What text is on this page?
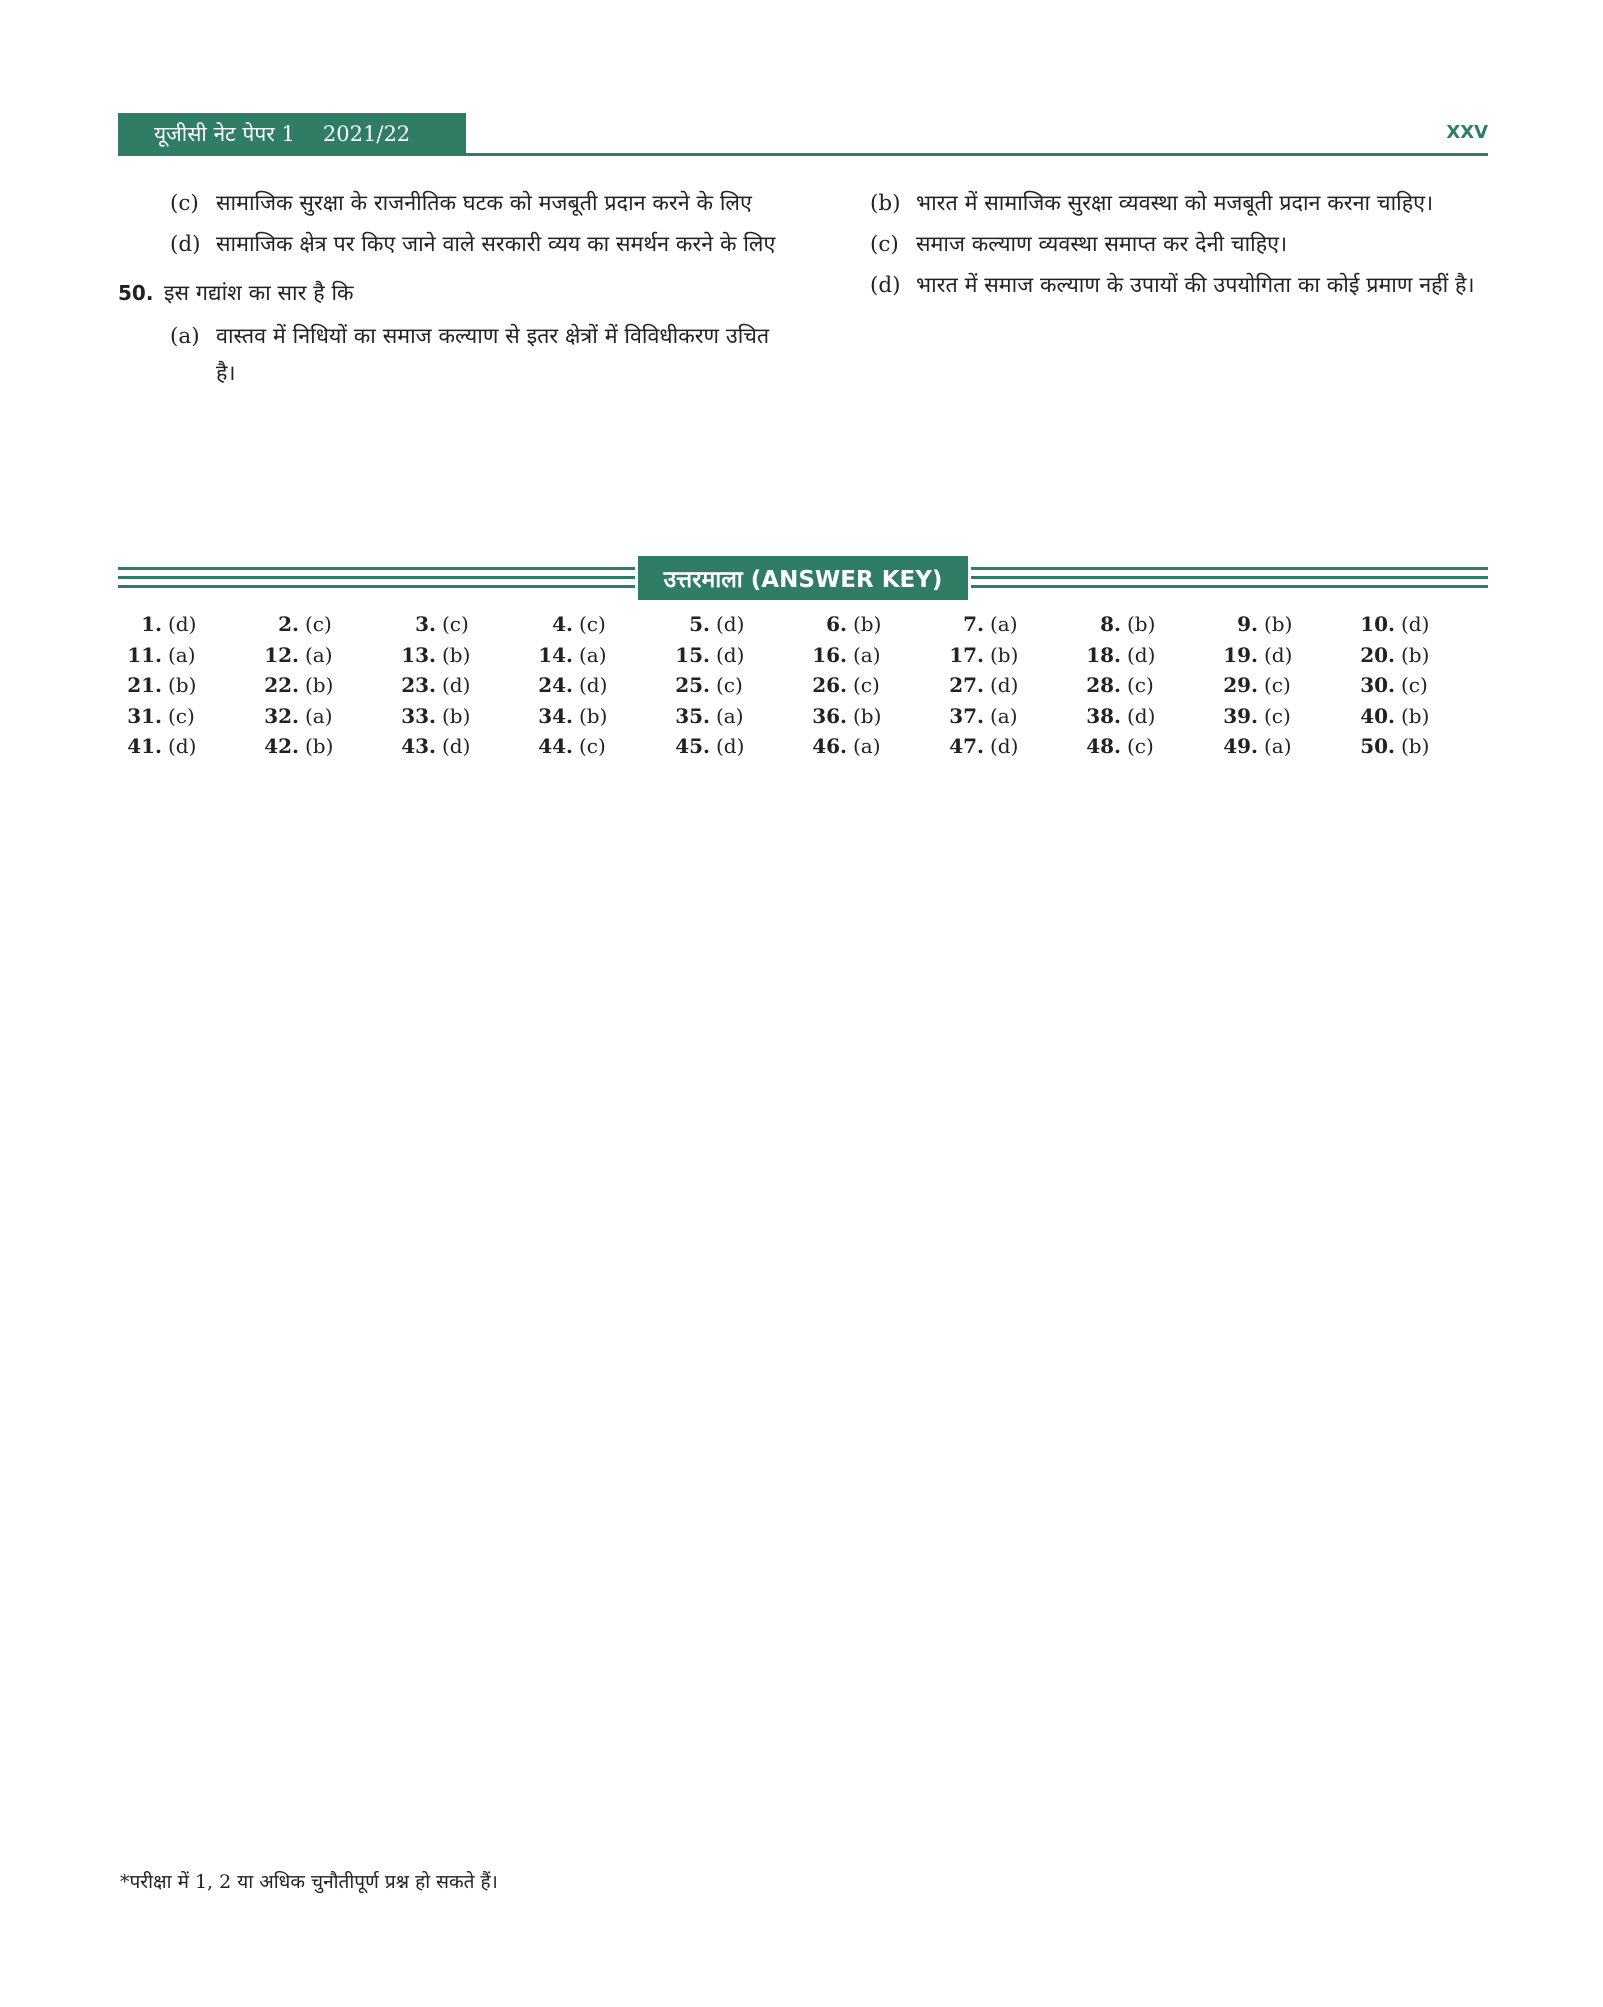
यूजीसी नेट पेपर 1 2021/22	XXV
(c) सामाजिक सुरक्षा के राजनीतिक घटक को मजबूती प्रदान करने के लिए
(d) सामाजिक क्षेत्र पर किए जाने वाले सरकारी व्यय का समर्थन करने के लिए
50. इस गद्यांश का सार है कि
(a) वास्तव में निधियों का समाज कल्याण से इतर क्षेत्रों में विविधीकरण उचित है।
(b) भारत में सामाजिक सुरक्षा व्यवस्था को मजबूती प्रदान करना चाहिए।
(c) समाज कल्याण व्यवस्था समाप्त कर देनी चाहिए।
(d) भारत में समाज कल्याण के उपायों की उपयोगिता का कोई प्रमाण नहीं है।
उत्तरमाला (ANSWER KEY)
1. (d)	2. (c)	3. (c)	4. (c)	5. (d)	6. (b)	7. (a)	8. (b)	9. (b)	10. (d)
11. (a)	12. (a)	13. (b)	14. (a)	15. (d)	16. (a)	17. (b)	18. (d)	19. (d)	20. (b)
21. (b)	22. (b)	23. (d)	24. (d)	25. (c)	26. (c)	27. (d)	28. (c)	29. (c)	30. (c)
31. (c)	32. (a)	33. (b)	34. (b)	35. (a)	36. (b)	37. (a)	38. (d)	39. (c)	40. (b)
41. (d)	42. (b)	43. (d)	44. (c)	45. (d)	46. (a)	47. (d)	48. (c)	49. (a)	50. (b)
*परीक्षा में 1, 2 या अधिक चुनौतीपूर्ण प्रश्न हो सकते हैं।
